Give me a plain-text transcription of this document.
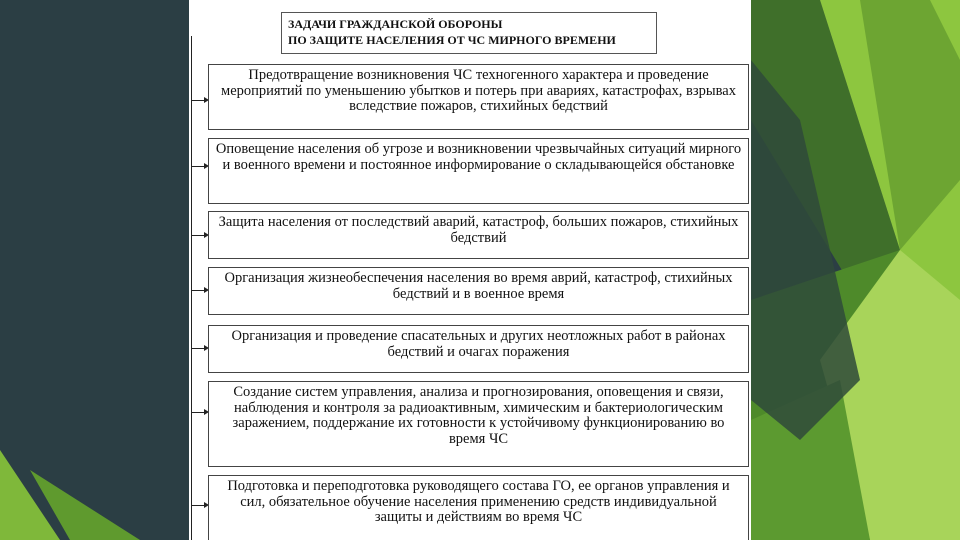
ЗАДАЧИ ГРАЖДАНСКОЙ ОБОРОНЫ
ПО ЗАЩИТЕ НАСЕЛЕНИЯ ОТ ЧС МИРНОГО ВРЕМЕНИ
Предотвращение возникновения ЧС техногенного характера и проведение мероприятий по уменьшению убытков и потерь при авариях, катастрофах, взрывах вследствие пожаров, стихийных бедствий
Оповещение населения об угрозе и возникновении чрезвычайных ситуаций мирного и военного времени и постоянное информирование о складывающейся обстановке
Защита населения от последствий аварий, катастроф, больших пожаров, стихийных бедствий
Организация жизнеобеспечения населения во время аврий, катастроф, стихийных бедствий и в военное время
Организация и проведение спасательных и других неотложных работ в районах бедствий и очагах поражения
Создание систем управления, анализа и прогнозирования, оповещения и связи, наблюдения и контроля за радиоактивным, химическим и бактериологическим заражением, поддержание их готовности к устойчивому функционированию во время ЧС
Подготовка и переподготовка руководящего состава ГО, ее органов управления и сил, обязательное обучение населения применению средств индивидуальной защиты и действиям во время ЧС
